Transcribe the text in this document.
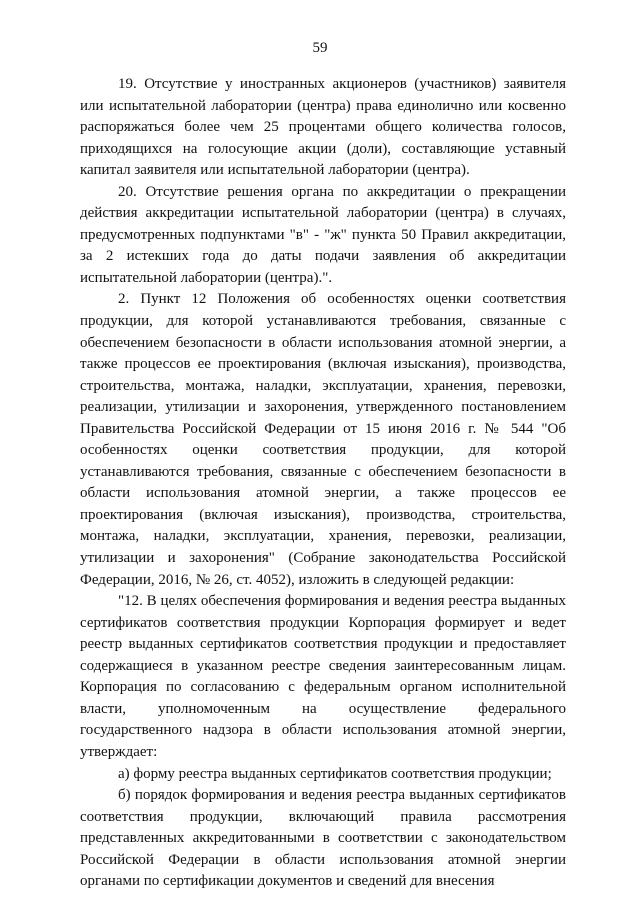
59

19. Отсутствие у иностранных акционеров (участников) заявителя или испытательной лаборатории (центра) права единолично или косвенно распоряжаться более чем 25 процентами общего количества голосов, приходящихся на голосующие акции (доли), составляющие уставный капитал заявителя или испытательной лаборатории (центра).

20. Отсутствие решения органа по аккредитации о прекращении действия аккредитации испытательной лаборатории (центра) в случаях, предусмотренных подпунктами "в" - "ж" пункта 50 Правил аккредитации, за 2 истекших года до даты подачи заявления об аккредитации испытательной лаборатории (центра).".

2. Пункт 12 Положения об особенностях оценки соответствия продукции, для которой устанавливаются требования, связанные с обеспечением безопасности в области использования атомной энергии, а также процессов ее проектирования (включая изыскания), производства, строительства, монтажа, наладки, эксплуатации, хранения, перевозки, реализации, утилизации и захоронения, утвержденного постановлением Правительства Российской Федерации от 15 июня 2016 г. № 544 "Об особенностях оценки соответствия продукции, для которой устанавливаются требования, связанные с обеспечением безопасности в области использования атомной энергии, а также процессов ее проектирования (включая изыскания), производства, строительства, монтажа, наладки, эксплуатации, хранения, перевозки, реализации, утилизации и захоронения" (Собрание законодательства Российской Федерации, 2016, № 26, ст. 4052), изложить в следующей редакции:

"12. В целях обеспечения формирования и ведения реестра выданных сертификатов соответствия продукции Корпорация формирует и ведет реестр выданных сертификатов соответствия продукции и предоставляет содержащиеся в указанном реестре сведения заинтересованным лицам. Корпорация по согласованию с федеральным органом исполнительной власти, уполномоченным на осуществление федерального государственного надзора в области использования атомной энергии, утверждает:

а) форму реестра выданных сертификатов соответствия продукции;

б) порядок формирования и ведения реестра выданных сертификатов соответствия продукции, включающий правила рассмотрения представленных аккредитованными в соответствии с законодательством Российской Федерации в области использования атомной энергии органами по сертификации документов и сведений для внесения
